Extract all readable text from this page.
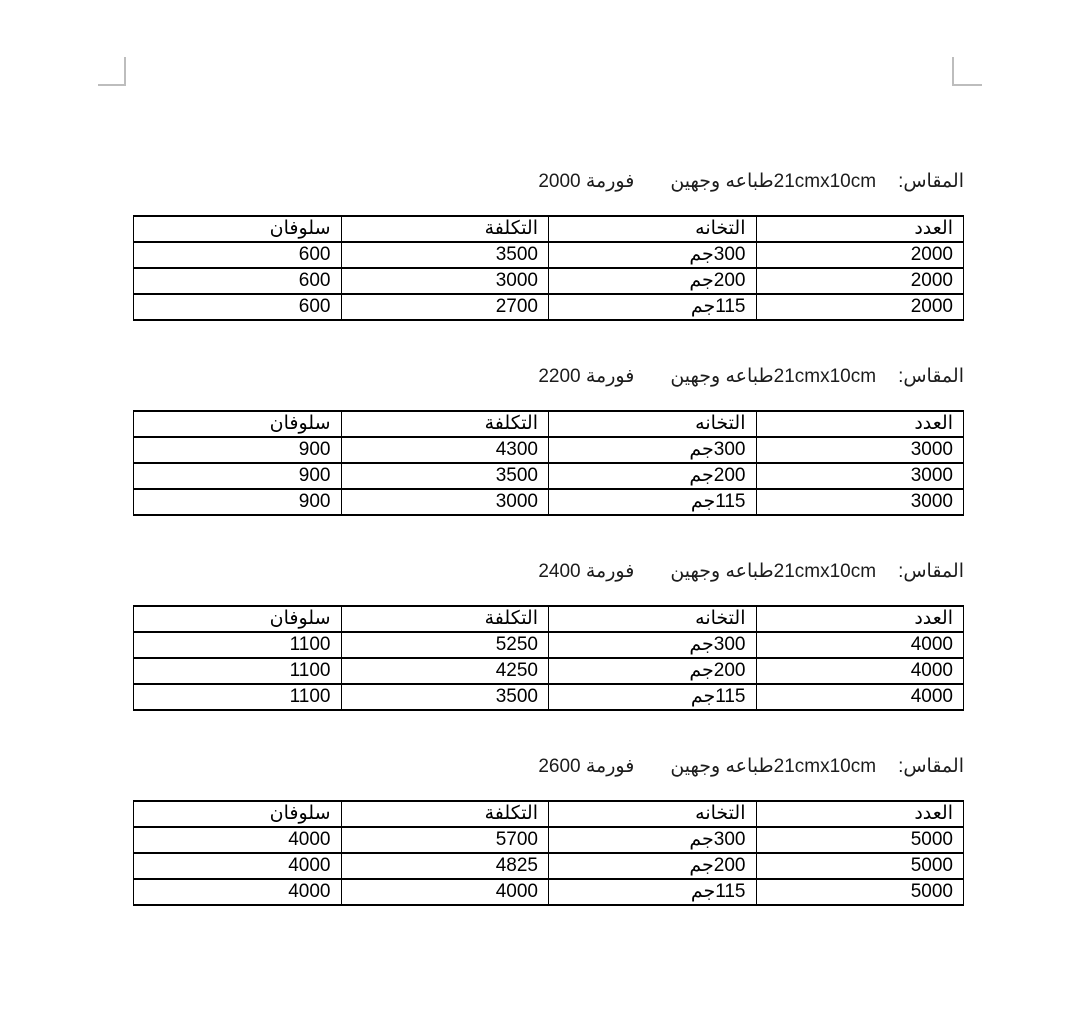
المقاس:
21cmx10cmطباعه وجهين
فورمة 2000
العدد	التخانه	التكلفة	سلوفان
2000	300جم	3500	600
2000	200جم	3000	600
2000	115جم	2700	600
المقاس:
21cmx10cmطباعه وجهين
فورمة 2200
العدد	التخانه	التكلفة	سلوفان
3000	300جم	4300	900
3000	200جم	3500	900
3000	115جم	3000	900
المقاس:
21cmx10cmطباعه وجهين
فورمة 2400
العدد	التخانه	التكلفة	سلوفان
4000	300جم	5250	1100
4000	200جم	4250	1100
4000	115جم	3500	1100
المقاس:
21cmx10cmطباعه وجهين
فورمة 2600
العدد	التخانه	التكلفة	سلوفان
5000	300جم	5700	4000
5000	200جم	4825	4000
5000	115جم	4000	4000
